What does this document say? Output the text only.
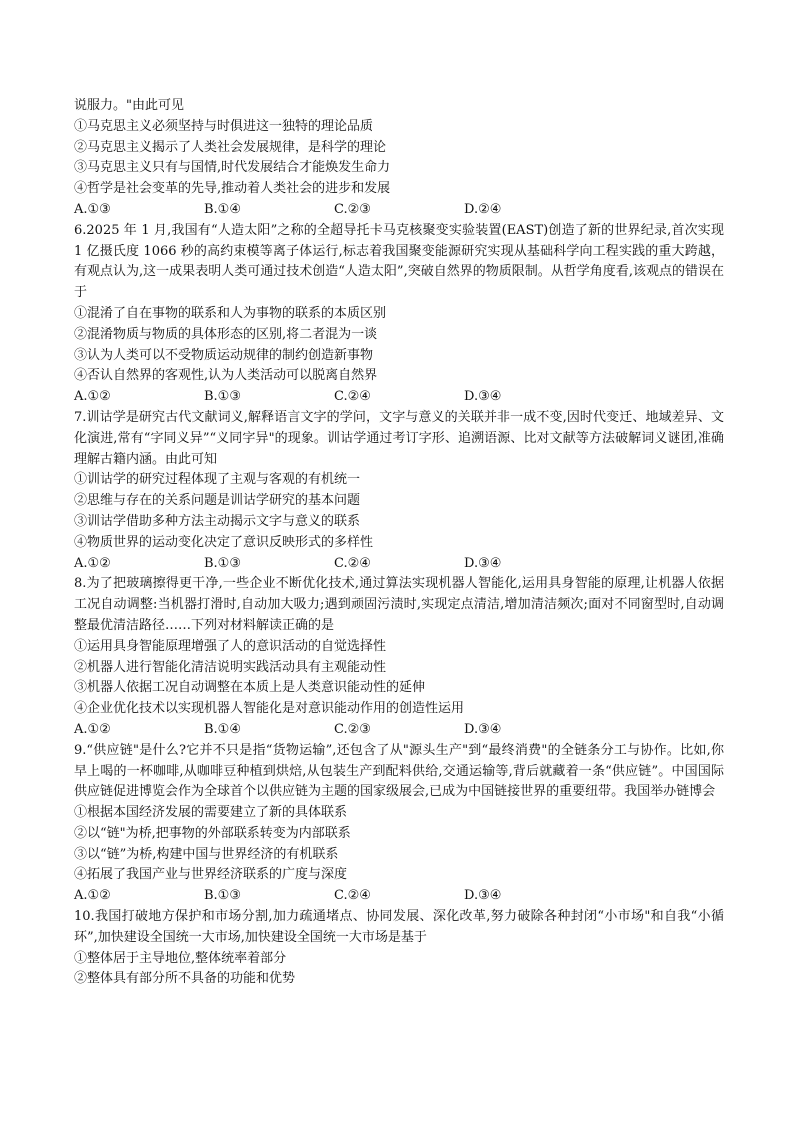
说服力。"由此可见
①马克思主义必须坚持与时俱进这一独特的理论品质
②马克思主义揭示了人类社会发展规律，是科学的理论
③马克思主义只有与国情,时代发展结合才能焕发生命力
④哲学是社会变革的先导,推动着人类社会的进步和发展
A.①③	B.①④	C.②③	D.②④
6.2025 年 1 月,我国有“人造太阳”之称的全超导托卡马克核聚变实验装置(EAST)创造了新的世界纪录,首次实现 1 亿摄氏度 1066 秒的高约束模等离子体运行,标志着我国聚变能源研究实现从基础科学向工程实践的重大跨越，有观点认为,这一成果表明人类可通过技术创造“人造太阳”,突破自然界的物质限制。从哲学角度看,该观点的错误在于
①混淆了自在事物的联系和人为事物的联系的本质区别
②混淆物质与物质的具体形态的区别,将二者混为一谈
③认为人类可以不受物质运动规律的制约创造新事物
④否认自然界的客观性,认为人类活动可以脱离自然界
A.①②	B.①③	C.②④	D.③④
7.训诂学是研究古代文献词义,解释语言文字的学问，文字与意义的关联并非一成不变,因时代变迁、地域差异、文化演进,常有“字同义异”“义同字异"的现象。训诂学通过考订字形、追溯语源、比对文献等方法破解词义谜团,准确理解古籍内涵。由此可知
①训诂学的研究过程体现了主观与客观的有机统一
②思维与存在的关系问题是训诂学研究的基本问题
③训诂学借助多种方法主动揭示文字与意义的联系
④物质世界的运动变化决定了意识反映形式的多样性
A.①②	B.①③	C.②④	D.③④
8.为了把玻璃擦得更干净,一些企业不断优化技术,通过算法实现机器人智能化,运用具身智能的原理,让机器人依据工况自动调整:当机器打滑时,自动加大吸力;遇到顽固污渍时,实现定点清洁,增加清洁频次;面对不同窗型时,自动调整最优清洁路径……下列对材料解读正确的是
①运用具身智能原理增强了人的意识活动的自觉选择性
②机器人进行智能化清洁说明实践活动具有主观能动性
③机器人依据工况自动调整在本质上是人类意识能动性的延伸
④企业优化技术以实现机器人智能化是对意识能动作用的创造性运用
A.①②	B.①④	C.②③	D.③④
9.“供应链"是什么?它并不只是指“货物运输”,还包含了从"源头生产"到“最终消费"的全链条分工与协作。比如,你早上喝的一杯咖啡,从咖啡豆种植到烘焙,从包装生产到配料供给,交通运输等,背后就藏着一条“供应链”。中国国际供应链促进博览会作为全球首个以供应链为主题的国家级展会,已成为中国链接世界的重要纽带。我国举办链博会
①根据本国经济发展的需要建立了新的具体联系
②以“链"为桥,把事物的外部联系转变为内部联系
③以“链”为桥,构建中国与世界经济的有机联系
④拓展了我国产业与世界经济联系的广度与深度
A.①②	B.①③	C.②④	D.③④
10.我国打破地方保护和市场分割,加力疏通堵点、协同发展、深化改革,努力破除各种封闭“小市场"和自我“小循环”,加快建设全国统一大市场,加快建设全国统一大市场是基于
①整体居于主导地位,整体统率着部分
②整体具有部分所不具备的功能和优势
